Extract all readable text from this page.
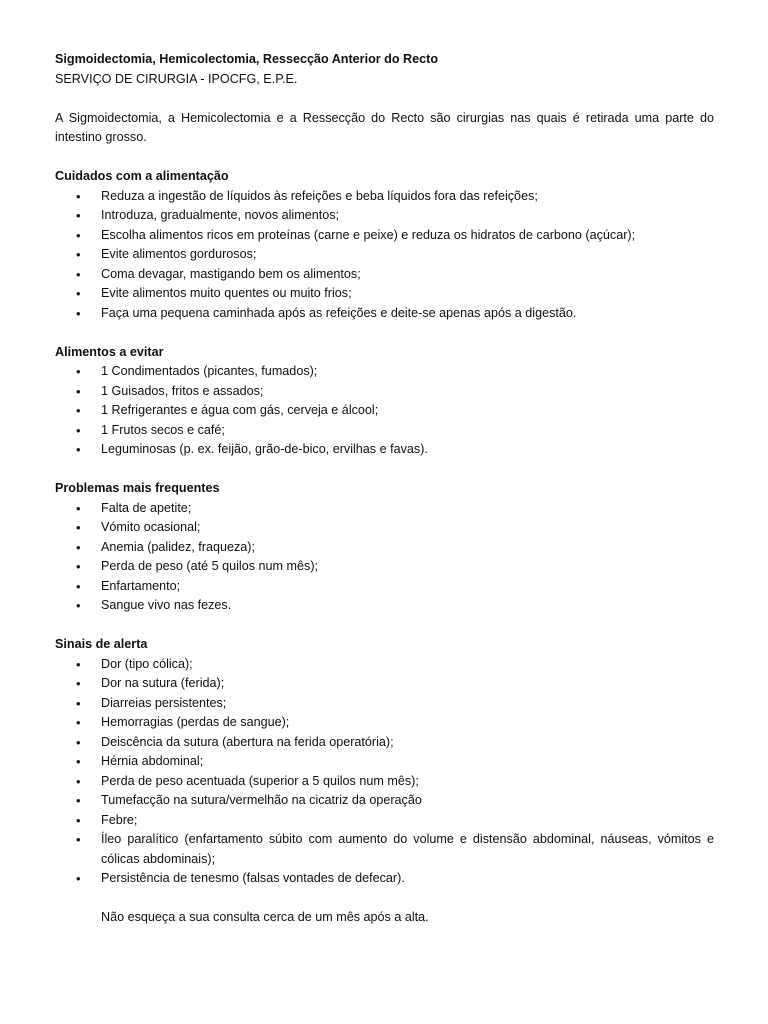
Sigmoidectomia, Hemicolectomia, Ressecção Anterior do Recto

SERVIÇO DE CIRURGIA - IPOCFG, E.P.E.

A Sigmoidectomia, a Hemicolectomia e a Ressecção do Recto são cirurgias nas quais é retirada uma parte do intestino grosso.

Cuidados com a alimentação

• Reduza a ingestão de líquidos às refeições e beba líquidos fora das refeições;
• Introduza, gradualmente, novos alimentos;
• Escolha alimentos ricos em proteínas (carne e peixe) e reduza os hidratos de carbono (açúcar);
• Evite alimentos gordurosos;
• Coma devagar, mastigando bem os alimentos;
• Evite alimentos muito quentes ou muito frios;
• Faça uma pequena caminhada após as refeições e deite-se apenas após a digestão.

Alimentos a evitar

• 1 Condimentados (picantes, fumados);
• 1 Guisados, fritos e assados;
• 1 Refrigerantes e água com gás, cerveja e álcool;
• 1 Frutos secos e café;
• Leguminosas (p. ex. feijão, grão-de-bico, ervilhas e favas).

Problemas mais frequentes

• Falta de apetite;
• Vómito ocasional;
• Anemia (palidez, fraqueza);
• Perda de peso (até 5 quilos num mês);
• Enfartamento;
• Sangue vivo nas fezes.

Sinais de alerta

• Dor (tipo cólica);
• Dor na sutura (ferida);
• Diarreias persistentes;
• Hemorragias (perdas de sangue);
• Deiscência da sutura (abertura na ferida operatória);
• Hérnia abdominal;
• Perda de peso acentuada (superior a 5 quilos num mês);
• Tumefacção na sutura/vermelhão na cicatriz da operação
• Febre;
• Íleo paralítico (enfartamento súbito com aumento do volume e distensão abdominal, náuseas, vómitos e cólicas abdominais);
• Persistência de tenesmo (falsas vontades de defecar).

Não esqueça a sua consulta cerca de um mês após a alta.
